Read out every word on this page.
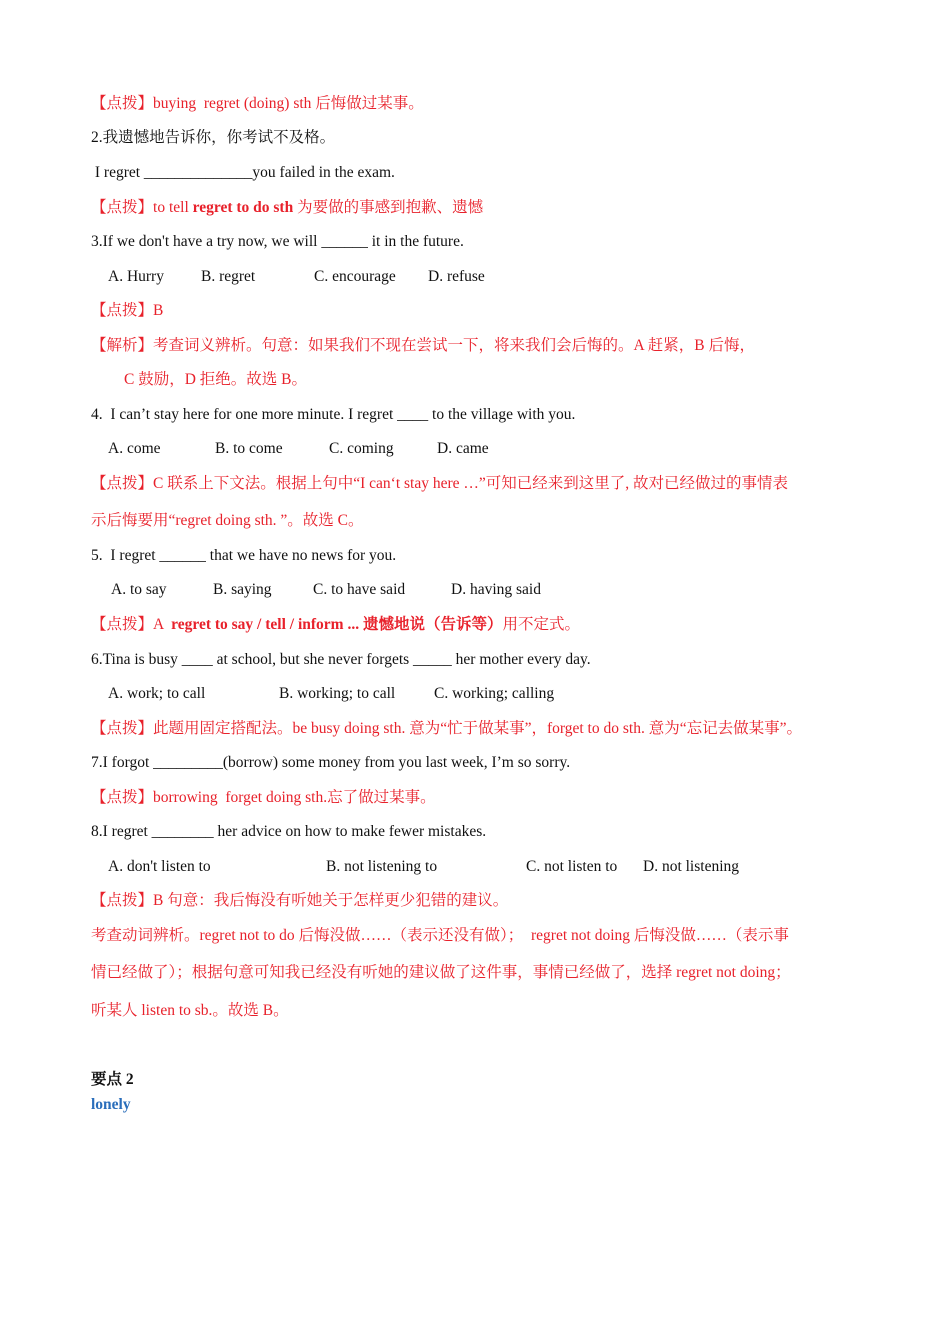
【点拨】buying  regret (doing) sth 后悔做过某事。
2.我遗憾地告诉你，你考试不及格。
I regret ______________you failed in the exam.
【点拨】to tell regret to do sth 为要做的事感到抱歉、遗憾
3.If we don't have a try now, we will ______ it in the future.
A. Hurry B. regret	C. encourage D. refuse
【点拨】B
【解析】考查词义辨析。句意：如果我们不现在尝试一下，将来我们会后悔的。A 赶紧，B 后悔，
C 鼓励，D 拒绝。故选 B。
4.  I can’t stay here for one more minute. I regret ____ to the village with you.
A. come	B. to come	C. coming	D. came
【点拨】C 联系上下文法。根据上句中“I can‘t stay here …”可知已经来到这里了, 故对已经做过的事情表
示后悔要用“regret doing sth. ”。故选 C。
5.  I regret ______ that we have no news for you.
A. to say	B. saying	C. to have said	D. having said
【点拨】A  regret to say / tell / inform ... 遗憾地说（告诉等）用不定式。
6.Tina is busy ____ at school, but she never forgets _____ her mother every day.
A. work; to call	B. working; to call	C. working; calling
【点拨】此题用固定搭配法。be busy doing sth. 意为“忙于做某事”，forget to do sth. 意为“忘记去做某事”。
7.I forgot _________(borrow) some money from you last week, I’m so sorry.
【点拨】borrowing  forget doing sth.忘了做过某事。
8.I regret ________ her advice on how to make fewer mistakes.
A. don't listen to	B. not listening to	C. not listen to D. not listening
【点拨】B 句意：我后悔没有听她关于怎样更少犯错的建议。
考查动词辨析。regret not to do 后悔没做……（表示还没有做）；  regret not doing 后悔没做……（表示事
情已经做了）；根据句意可知我已经没有听她的建议做了这件事，事情已经做了，选择 regret not doing；
听某人 listen to sb.。故选 B。
要点 2
lonely
